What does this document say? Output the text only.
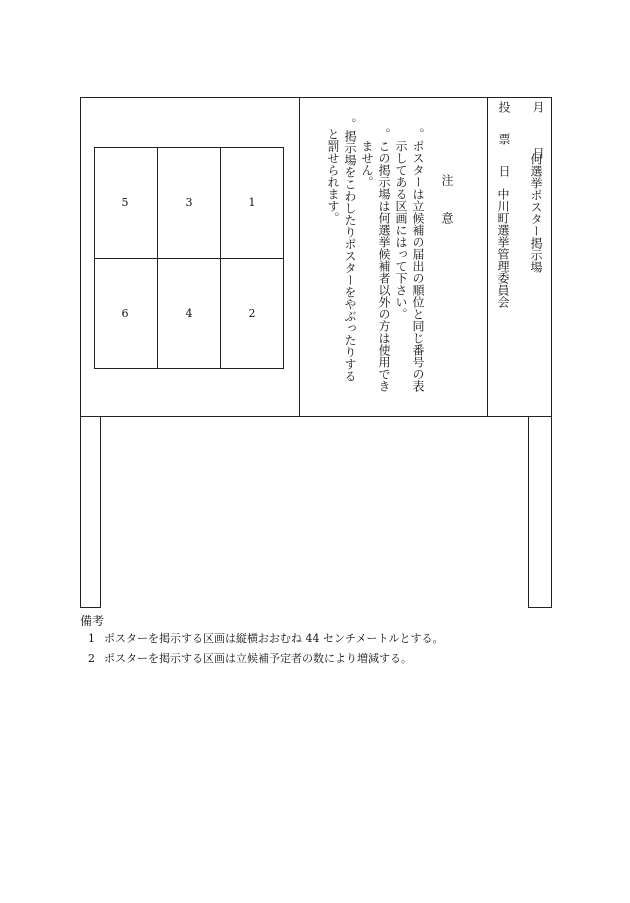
5	3	1
6	4	2
注 意
。ポスターは立候補の届出の順位と同じ番号の表
示してある区画にはって下さい。
。この掲示場は何選挙候補者以外の方は使用でき
ません。
。掲示場をこわしたりポスターをやぶったりする
と罰せられます。	投 票 日 月 日
何選挙ポスター掲示場
中川町選挙管理委員会
備考
1 ポスターを掲示する区画は縦横おおむね 44 センチメートルとする。
2 ポスターを掲示する区画は立候補予定者の数により増減する。
